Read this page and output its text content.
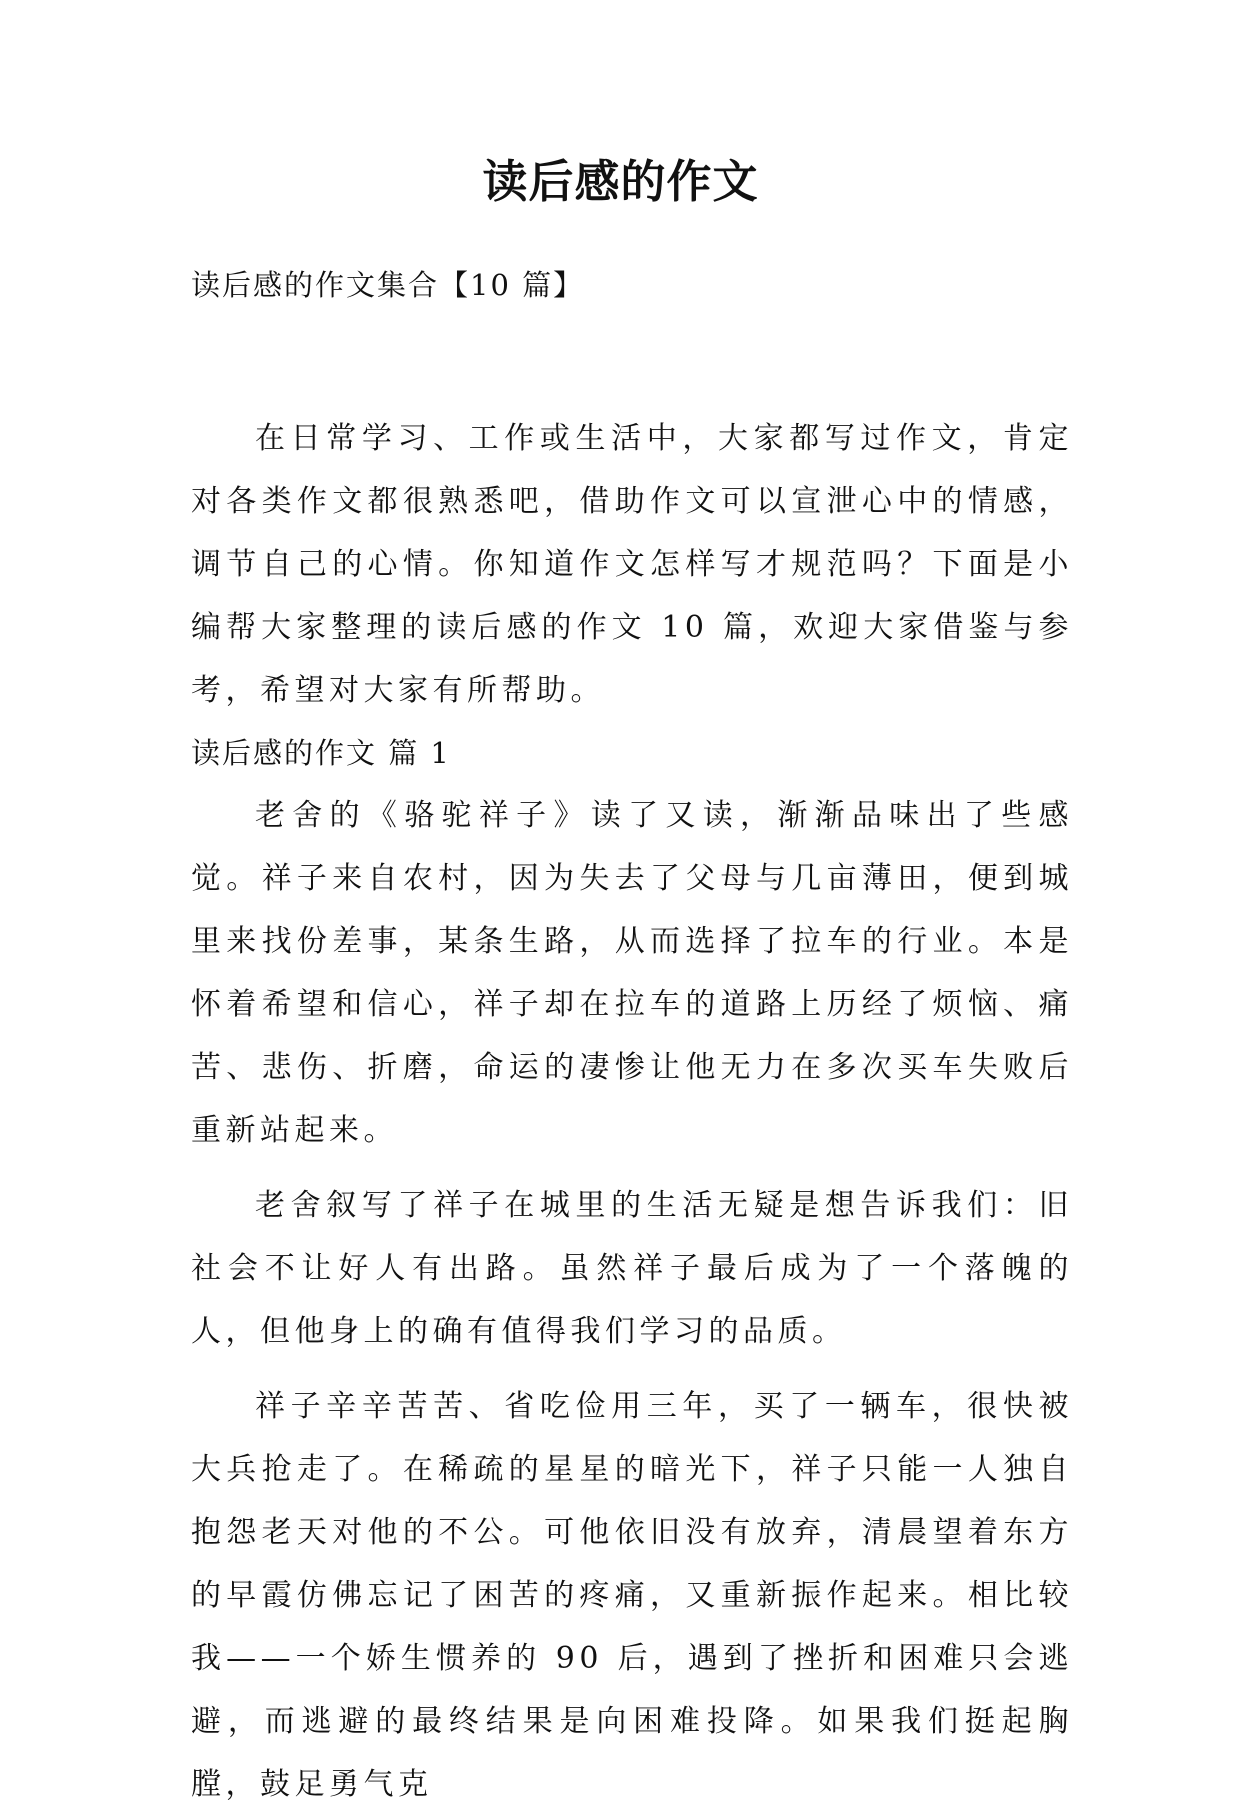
读后感的作文

读后感的作文集合【10 篇】

在日常学习、工作或生活中，大家都写过作文，肯定对各类作文都很熟悉吧，借助作文可以宣泄心中的情感，调节自己的心情。你知道作文怎样写才规范吗？下面是小编帮大家整理的读后感的作文 10 篇，欢迎大家借鉴与参考，希望对大家有所帮助。

读后感的作文 篇 1

老舍的《骆驼祥子》读了又读，渐渐品味出了些感觉。祥子来自农村，因为失去了父母与几亩薄田，便到城里来找份差事，某条生路，从而选择了拉车的行业。本是怀着希望和信心，祥子却在拉车的道路上历经了烦恼、痛苦、悲伤、折磨，命运的凄惨让他无力在多次买车失败后重新站起来。

老舍叙写了祥子在城里的生活无疑是想告诉我们：旧社会不让好人有出路。虽然祥子最后成为了一个落魄的人，但他身上的确有值得我们学习的品质。

祥子辛辛苦苦、省吃俭用三年，买了一辆车，很快被大兵抢走了。在稀疏的星星的暗光下，祥子只能一人独自抱怨老天对他的不公。可他依旧没有放弃，清晨望着东方的早霞仿佛忘记了困苦的疼痛，又重新振作起来。相比较我——一个娇生惯养的 90 后，遇到了挫折和困难只会逃避，而逃避的最终结果是向困难投降。如果我们挺起胸膛，鼓足勇气克
